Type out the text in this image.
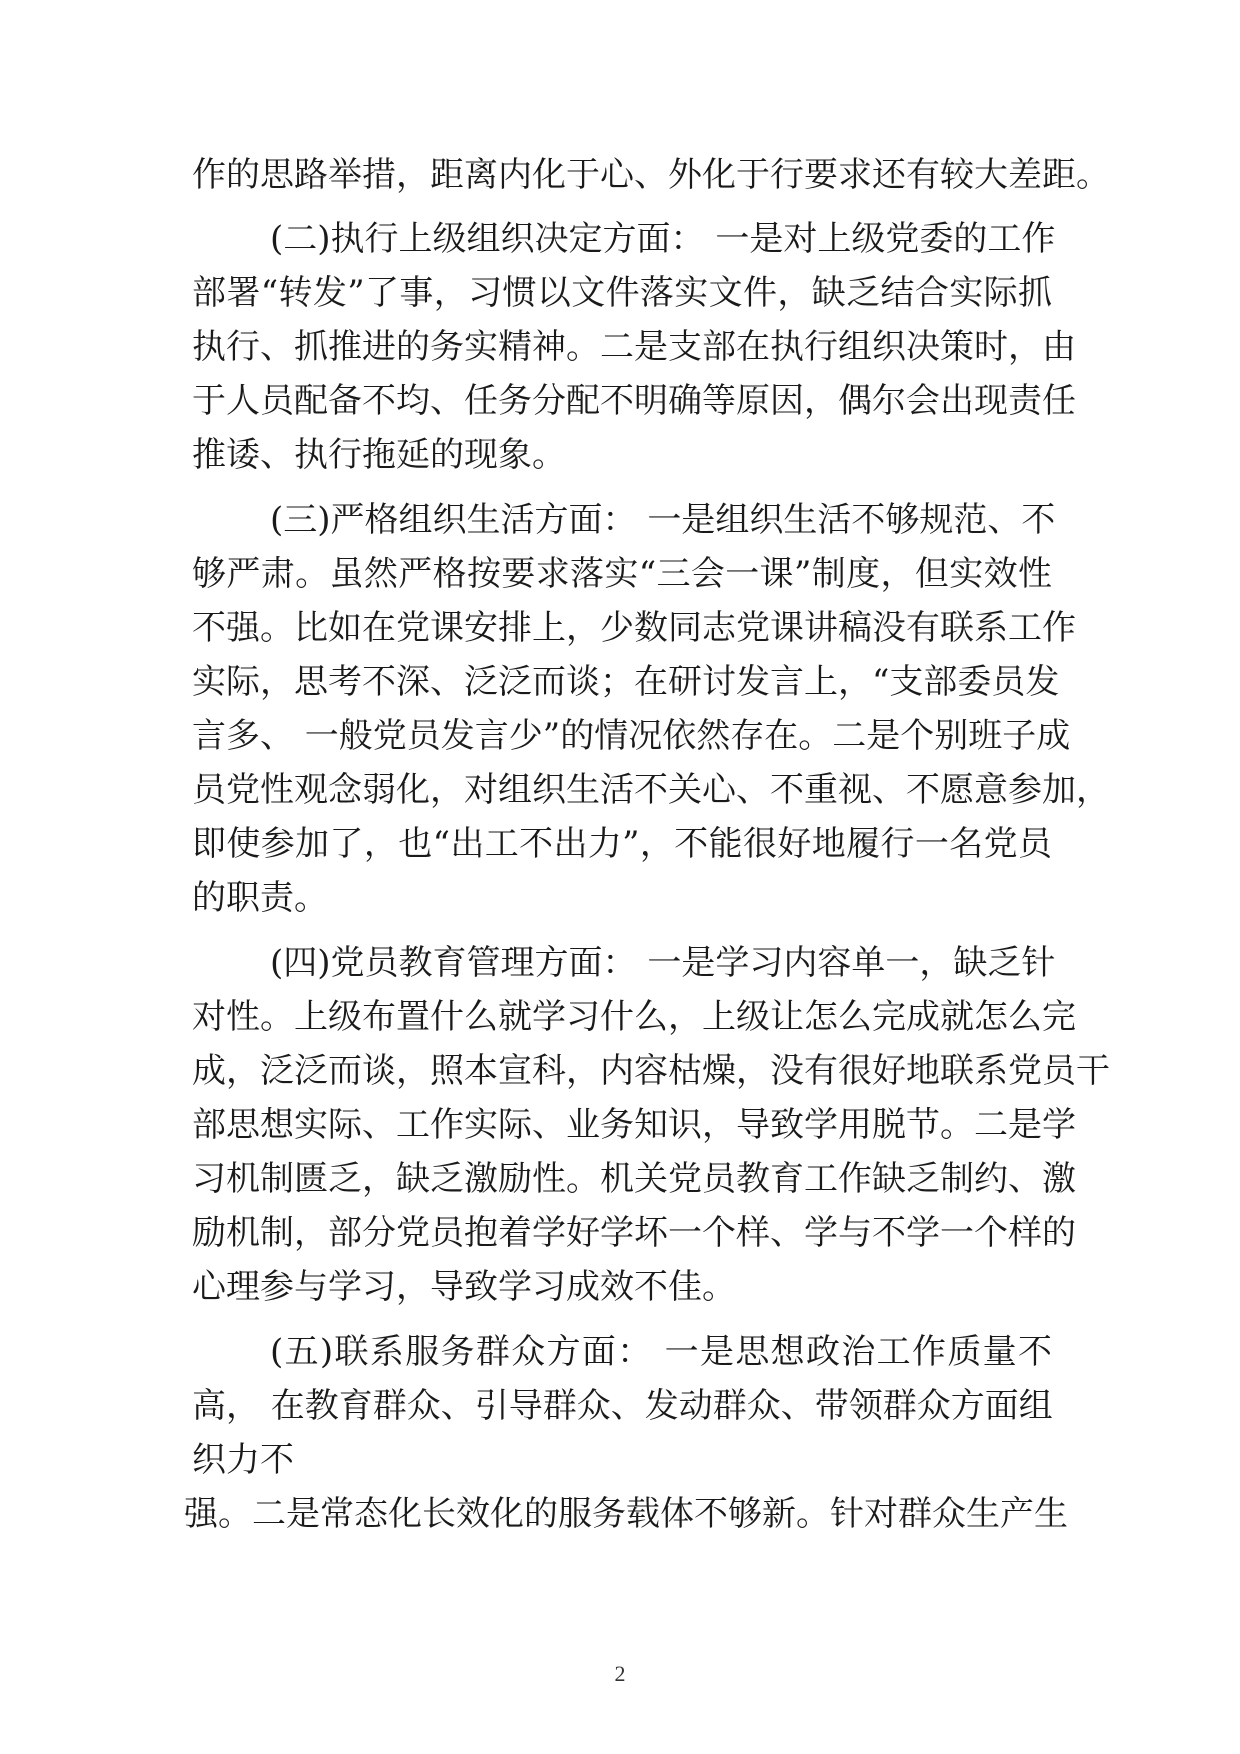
作的思路举措，距离内化于心、外化于行要求还有较大差距。
(二)执行上级组织决定方面： 一是对上级党委的工作
部署“转发”了事，习惯以文件落实文件，缺乏结合实际抓
执行、抓推进的务实精神。二是支部在执行组织决策时，由
于人员配备不均、任务分配不明确等原因，偶尔会出现责任
推诿、执行拖延的现象。
(三)严格组织生活方面： 一是组织生活不够规范、不
够严肃。虽然严格按要求落实“三会一课”制度，但实效性
不强。比如在党课安排上，少数同志党课讲稿没有联系工作
实际，思考不深、泛泛而谈；在研讨发言上，“支部委员发
言多、 一般党员发言少”的情况依然存在。二是个别班子成
员党性观念弱化，对组织生活不关心、不重视、不愿意参加，
即使参加了，也“出工不出力”，不能很好地履行一名党员
的职责。
(四)党员教育管理方面： 一是学习内容单一，缺乏针
对性。上级布置什么就学习什么，上级让怎么完成就怎么完
成，泛泛而谈，照本宣科，内容枯燥，没有很好地联系党员干
部思想实际、工作实际、业务知识，导致学用脱节。二是学
习机制匮乏，缺乏激励性。机关党员教育工作缺乏制约、激
励机制，部分党员抱着学好学坏一个样、学与不学一个样的
心理参与学习，导致学习成效不佳。
(五)联系服务群众方面： 一是思想政治工作质量不
高， 在教育群众、引导群众、发动群众、带领群众方面组
织力不
强。二是常态化长效化的服务载体不够新。针对群众生产生
2
